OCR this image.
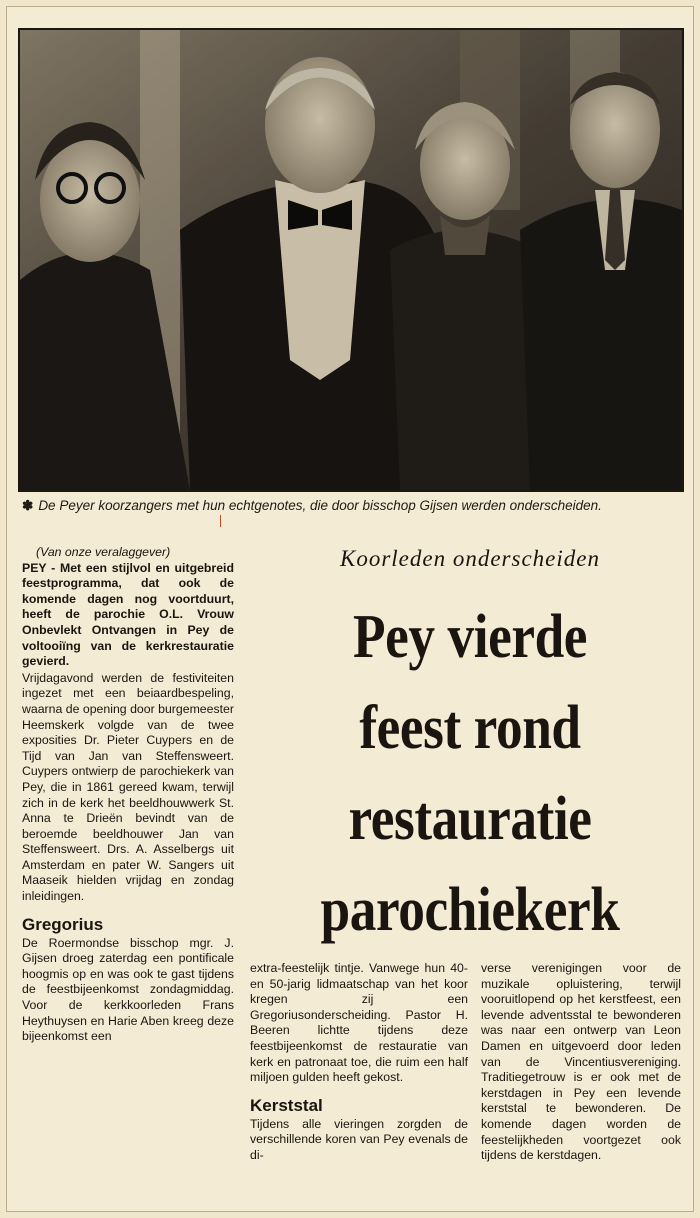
✽ De Peyer koorzangers met hun echtgenotes, die door bisschop Gijsen werden onderscheiden.
(Van onze veralaggever)
PEY - Met een stijlvol en uitgebreid feestprogramma, dat ook de komende dagen nog voortduurt, heeft de parochie O.L. Vrouw Onbevlekt Ontvangen in Pey de voltooiïng van de kerkrestauratie gevierd.
Vrijdagavond werden de festiviteiten ingezet met een beiaardbespeling, waarna de opening door burgemeester Heemskerk volgde van de twee exposities Dr. Pieter Cuypers en de Tijd van Jan van Steffensweert. Cuypers ontwierp de parochiekerk van Pey, die in 1861 gereed kwam, terwijl zich in de kerk het beeldhouwwerk St. Anna te Drieën bevindt van de beroemde beeldhouwer Jan van Steffensweert. Drs. A. Asselbergs uit Amsterdam en pater W. Sangers uit Maaseik hielden vrijdag en zondag inleidingen.
Gregorius
De Roermondse bisschop mgr. J. Gijsen droeg zaterdag een pontificale hoogmis op en was ook te gast tijdens de feestbijeenkomst zondagmiddag. Voor de kerkkoorleden Frans Heythuysen en Harie Aben kreeg deze bijeenkomst een
Koorleden onderscheiden
Pey vierde
feest rond
restauratie
parochiekerk
extra-feestelijk tintje. Vanwege hun 40- en 50-jarig lidmaatschap van het koor kregen zij een Gregoriusonderscheiding. Pastor H. Beeren lichtte tijdens deze feestbijeenkomst de restauratie van kerk en patronaat toe, die ruim een half miljoen gulden heeft gekost.
Kerststal
Tijdens alle vieringen zorgden de verschillende koren van Pey evenals de di-
verse verenigingen voor de muzikale opluistering, terwijl vooruitlopend op het kerstfeest, een levende adventsstal te bewonderen was naar een ontwerp van Leon Damen en uitgevoerd door leden van de Vincentiusvereniging. Traditiegetrouw is er ook met de kerstdagen in Pey een levende kerststal te bewonderen. De komende dagen worden de feestelijkheden voortgezet ook tijdens de kerstdagen.
